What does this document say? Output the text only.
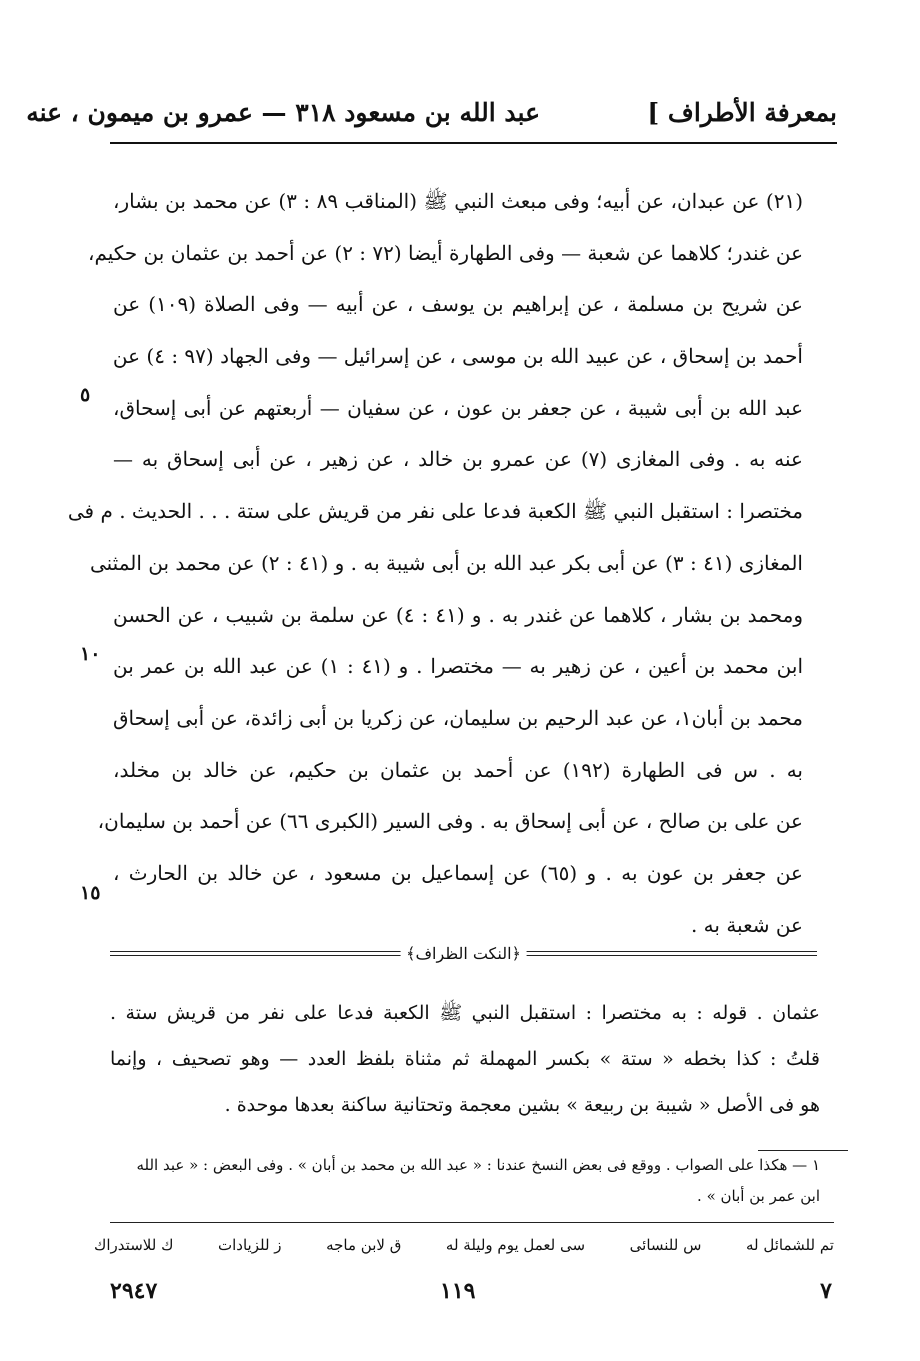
بمعرفة الأطراف ]
عبد الله بن مسعود ٣١٨ — عمرو بن ميمون ، عنه
(٢١) عن عبدان، عن أبيه؛ وفى مبعث النبي ﷺ (المناقب ٨٩ : ٣) عن محمد بن بشار،
عن غندر؛ كلاهما عن شعبة — وفى الطهارة أيضا (٧٢ : ٢) عن أحمد بن عثمان بن حكيم،
عن شريح بن مسلمة ، عن إبراهيم بن يوسف ، عن أبيه — وفى الصلاة (١٠٩) عن
أحمد بن إسحاق ، عن عبيد الله بن موسى ، عن إسرائيل — وفى الجهاد (٩٧ : ٤) عن
عبد الله بن أبى شيبة ، عن جعفر بن عون ، عن سفيان — أربعتهم عن أبى إسحاق،
عنه به . وفى المغازى (٧) عن عمرو بن خالد ، عن زهير ، عن أبى إسحاق به —
مختصرا : استقبل النبي ﷺ الكعبة فدعا على نفر من قريش على ستة . . . الحديث . م فى
المغازى (٤١ : ٣) عن أبى بكر عبد الله بن أبى شيبة به . و (٤١ : ٢) عن محمد بن المثنى
ومحمد بن بشار ، كلاهما عن غندر به . و (٤١ : ٤) عن سلمة بن شبيب ، عن الحسن
ابن محمد بن أعين ، عن زهير به — مختصرا . و (٤١ : ١) عن عبد الله بن عمر بن
محمد بن أبان١، عن عبد الرحيم بن سليمان، عن زكريا بن أبى زائدة، عن أبى إسحاق
به . س فى الطهارة (١٩٢) عن أحمد بن عثمان بن حكيم، عن خالد بن مخلد،
عن على بن صالح ، عن أبى إسحاق به . وفى السير (الكبرى ٦٦) عن أحمد بن سليمان،
عن جعفر بن عون به . و (٦٥) عن إسماعيل بن مسعود ، عن خالد بن الحارث ،
عن شعبة به .
٥
١٠
١٥
﴿النكت الظراف﴾
عثمان . قوله : به مختصرا : استقبل النبي ﷺ الكعبة فدعا على نفر من قريش ستة .
قلتُ : كذا بخطه « ستة » بكسر المهملة ثم مثناة بلفظ العدد — وهو تصحيف ، وإنما
هو فى الأصل « شيبة بن ربيعة » بشين معجمة وتحتانية ساكنة بعدها موحدة .
١ — هكذا على الصواب . ووقع فى بعض النسخ عندنا : « عبد الله بن محمد بن أبان » . وفى البعض : « عبد الله
ابن عمر بن أبان » .
تم للشمائل له
س للنسائى
سى لعمل يوم وليلة له
ق لابن ماجه
ز للزيادات
ك للاستدراك
٧
١١٩
٢٩٤٧
